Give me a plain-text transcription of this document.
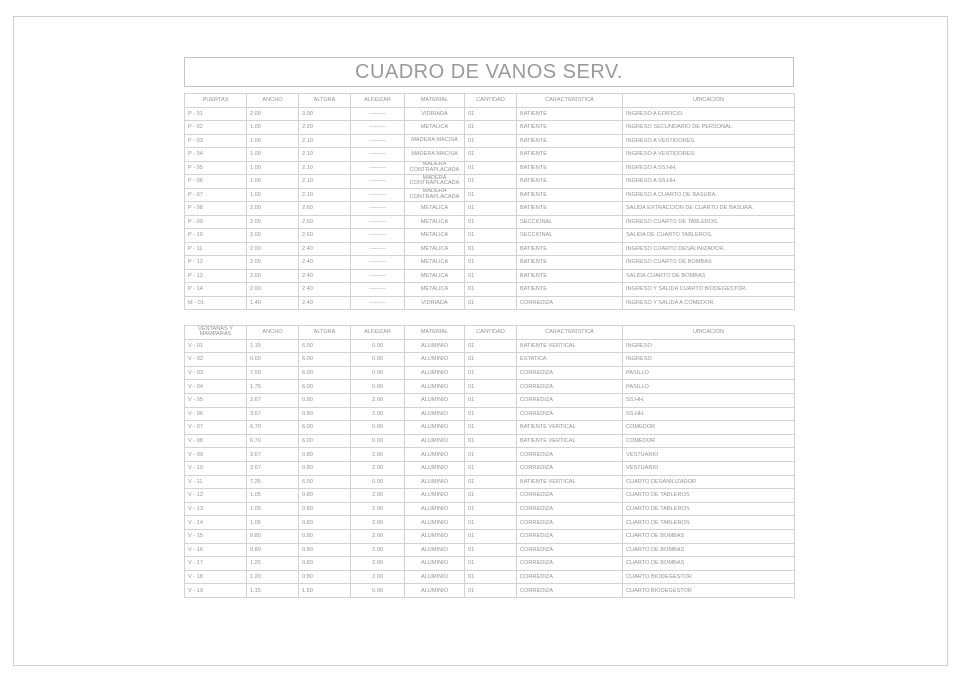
CUADRO DE VANOS SERV.
PUERTAS	ANCHO	ALTURA	ALFEIZAR	MATERIAL	CANTIDAD	CARACTERISTICA	UBICACION
P - 01	2.00	3.00	---------	VIDRIADA	01	BATIENTE	INGRESO A EDIFICIO.
P - 02	1.00	2.20	---------	METALICA	01	BATIENTE	INGRESO SECUNDARIO DE PERSONAL.
P - 03	1.00	2.10	---------	MADERA MACISA	01	BATIENTE	INGRESO A VESTIDORES.
P - 04	1.00	2.10	---------	MADERA MACISA	01	BATIENTE	INGRESO A VESTIDORES.
P - 05	1.00	2.10	---------	MADERA CONTRAPLACADA	01	BATIENTE	INGRESO A SS.HH.
P - 06	1.00	2.10	---------	MADERA CONTRAPLACADA	01	BATIENTE	INGRESO A SS.HH.
P - 07	1.00	2.10	---------	MADERA CONTRAPLACADA	01	BATIENTE	INGRESO A CUARTO DE BASURA.
P - 08	2.00	2.60	---------	METALICA	01	BATIENTE	SALIDA EXTRACCION DE CUARTO DE BASURA.
P - 09	2.00	2.60	---------	METALICA	01	SECCIONAL	INGRESO CUARTO DE TABLEROS.
P - 10	2.00	2.60	---------	METALICA	01	SECCIONAL	SALIDA DE CUARTO TABLEROS.
P - 11	2.00	2.40	---------	METALICA	01	BATIENTE	INGRESO CUARTO DESALINIZADOR.
P - 12	2.00	2.40	---------	METALICA	01	BATIENTE	INGRESO CUARTO DE BOMBAS
P - 13	2.00	2.40	---------	METALICA	01	BATIENTE	SALIDA CUARTO DE BOMBAS
P - 14	2.00	2.40	---------	METALICA	01	BATIENTE	INGRESO Y SALIDA CUARTO BIODEGESTOR.
M - 01	1.40	2.40	---------	VIDRIADA	01	CORREDIZA	INGRESO Y SALIDA A COMEDOR.
VENTANAS Y MAMPARAS	ANCHO	ALTURA	ALFEIZAR	MATERIAL	CANTIDAD	CARACTERISTICA	UBICACION
V - 01	1.15	6.00	0.00	ALUMINIO	01	BATIENTE VERTICAL	INGRESO
V - 02	0.60	6.00	0.00	ALUMINIO	01	ESTATICA	INGRESO
V - 03	7.50	6.00	0.00	ALUMINIO	01	CORREDIZA	PASILLO
V - 04	1.75	6.00	0.00	ALUMINIO	01	CORREDIZA	PASILLO
V - 05	3.67	0.80	2.00	ALUMINIO	01	CORREDIZA	SS.HH.
V - 06	3.67	0.80	2.00	ALUMINIO	01	CORREDIZA	SS.HH.
V - 07	6.70	6.00	0.00	ALUMINIO	01	BATIENTE VERTICAL	COMEDOR
V - 08	6.70	6.00	0.00	ALUMINIO	01	BATIENTE VERTICAL	COMEDOR
V - 09	3.67	0.80	2.00	ALUMINIO	01	CORREDIZA	VESTUARIO
V - 10	3.67	0.80	2.00	ALUMINIO	01	CORREDIZA	VESTUARIO
V - 11	7.25	6.00	0.00	ALUMINIO	01	BATIENTE VERTICAL	CUARTO DESANILIZADOR
V - 12	1.05	0.80	2.00	ALUMINIO	01	CORREDIZA	CUARTO DE TABLEROS
V - 13	1.05	0.80	2.00	ALUMINIO	01	CORREDIZA	CUARTO DE TABLEROS
V - 14	1.05	0.80	2.00	ALUMINIO	01	CORREDIZA	CUARTO DE TABLEROS
V - 15	0.80	0.80	2.00	ALUMINIO	01	CORREDIZA	CUARTO DE BOMBAS
V - 16	0.80	0.80	2.00	ALUMINIO	01	CORREDIZA	CUARTO DE BOMBAS
V - 17	1.25	0.80	2.00	ALUMINIO	01	CORREDIZA	CUARTO DE BOMBAS
V - 18	1.20	0.80	2.00	ALUMINIO	01	CORREDIZA	CUARTO BIODEGESTOR
V - 19	1.15	1.50	0.90	ALUMINIO	01	CORREDIZA	CUARTO BIODEGESTOR
